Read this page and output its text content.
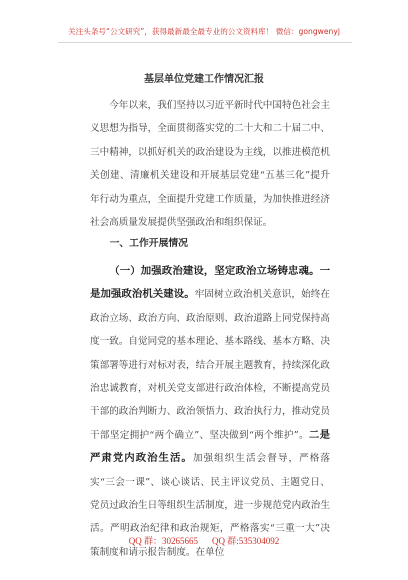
关注头条号“公文研究”，获得最新最全最专业的公文资料库！ 微信：gongwenyj
基层单位党建工作情况汇报

今年以来，我们坚持以习近平新时代中国特色社会主义思想为指导，全面贯彻落实党的二十大和二十届二中、三中精神，以抓好机关的政治建设为主线，以推进模范机关创建、清廉机关建设和开展基层党建“五基三化”提升年行动为重点，全面提升党建工作质量，为加快推进经济社会高质量发展提供坚强政治和组织保证。

一、工作开展情况

（一）加强政治建设，坚定政治立场铸忠魂。一是加强政治机关建设。牢固树立政治机关意识，始终在政治立场、政治方向、政治原则、政治道路上同党保持高度一致。自觉同党的基本理论、基本路线、基本方略、决策部署等进行对标对表，结合开展主题教育，持续深化政治忠诚教育，对机关党支部进行政治体检，不断提高党员干部的政治判断力、政治领悟力、政治执行力，推动党员干部坚定拥护“两个确立”、坚决做到“两个维护”。二是严肃党内政治生活。加强组织生活会督导，严格落实“三会一课”、谈心谈话、民主评议党员、主题党日、党员过政治生日等组织生活制度，进一步规范党内政治生活。严明政治纪律和政治规矩，严格落实“三重一大”决策制度和请示报告制度。在单位

QQ 群：30265665 QQ 群:535304092
